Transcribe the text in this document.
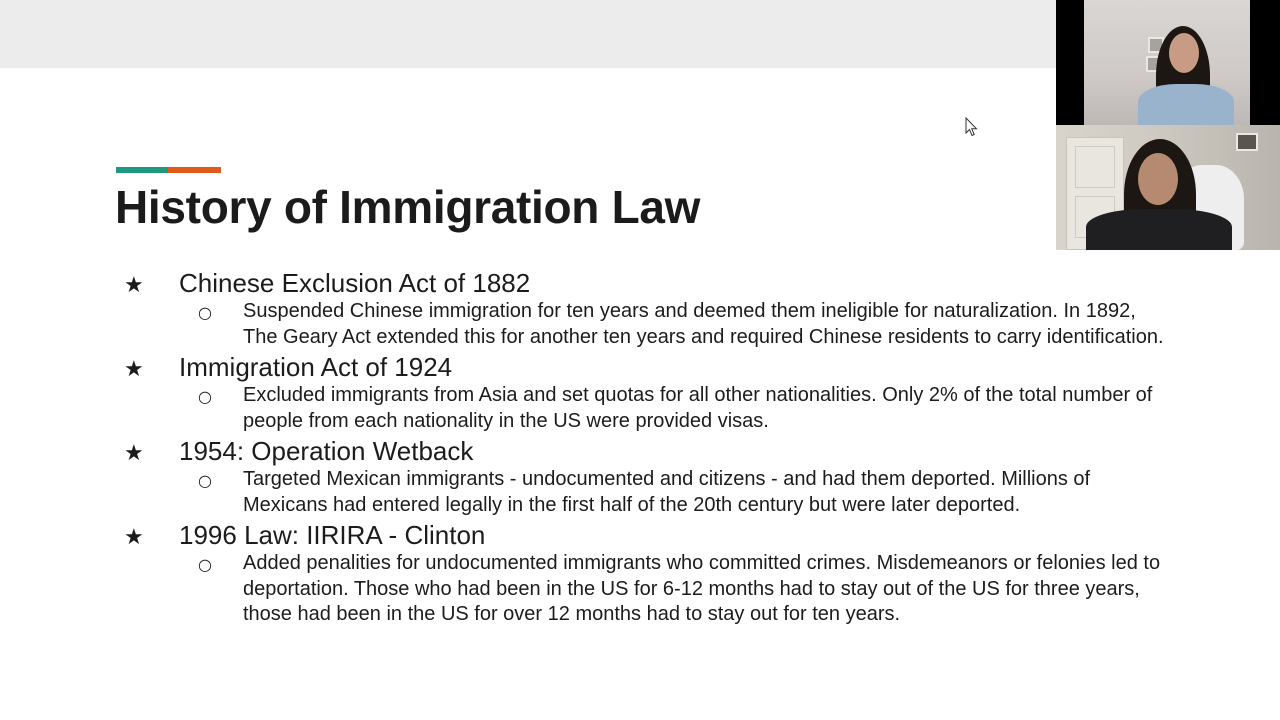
History of Immigration Law
★ Chinese Exclusion Act of 1882
○ Suspended Chinese immigration for ten years and deemed them ineligible for naturalization. In 1892, The Geary Act extended this for another ten years and required Chinese residents to carry identification.
★ Immigration Act of 1924
○ Excluded immigrants from Asia and set quotas for all other nationalities. Only 2% of the total number of people from each nationality in the US were provided visas.
★ 1954: Operation Wetback
○ Targeted Mexican immigrants - undocumented and citizens - and had them deported. Millions of Mexicans had entered legally in the first half of the 20th century but were later deported.
★ 1996 Law: IIRIRA - Clinton
○ Added penalities for undocumented immigrants who committed crimes. Misdemeanors or felonies led to deportation. Those who had been in the US for 6-12 months had to stay out of the US for three years, those had been in the US for over 12 months had to stay out for ten years.
